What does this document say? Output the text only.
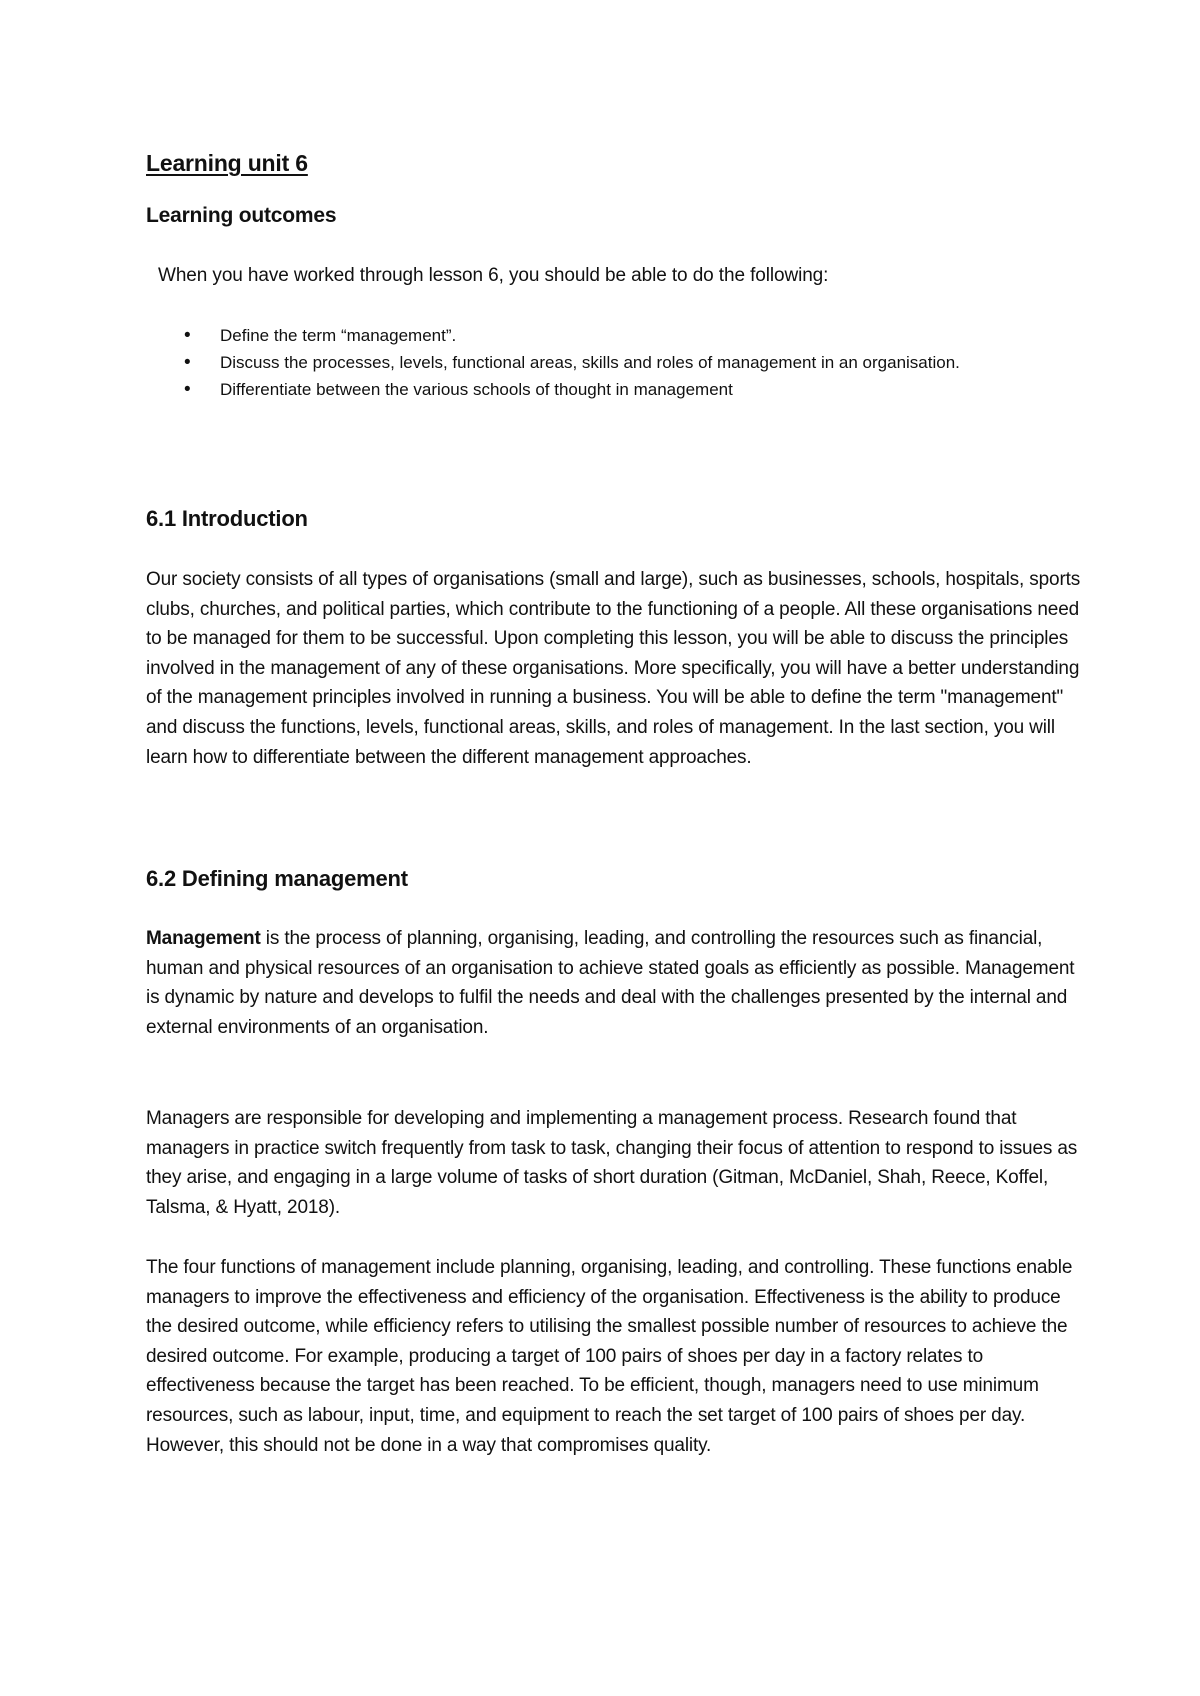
Learning unit 6
Learning outcomes

When you have worked through lesson 6, you should be able to do the following:

• Define the term “management”.
• Discuss the processes, levels, functional areas, skills and roles of management in an organisation.
• Differentiate between the various schools of thought in management
6.1 Introduction

Our society consists of all types of organisations (small and large), such as businesses, schools, hospitals, sports clubs, churches, and political parties, which contribute to the functioning of a people. All these organisations need to be managed for them to be successful. Upon completing this lesson, you will be able to discuss the principles involved in the management of any of these organisations. More specifically, you will have a better understanding of the management principles involved in running a business. You will be able to define the term "management" and discuss the functions, levels, functional areas, skills, and roles of management. In the last section, you will learn how to differentiate between the different management approaches.

6.2 Defining management

Management is the process of planning, organising, leading, and controlling the resources such as financial, human and physical resources of an organisation to achieve stated goals as efficiently as possible. Management is dynamic by nature and develops to fulfil the needs and deal with the challenges presented by the internal and external environments of an organisation.

Managers are responsible for developing and implementing a management process. Research found that managers in practice switch frequently from task to task, changing their focus of attention to respond to issues as they arise, and engaging in a large volume of tasks of short duration (Gitman, McDaniel, Shah, Reece, Koffel, Talsma, & Hyatt, 2018).

The four functions of management include planning, organising, leading, and controlling. These functions enable managers to improve the effectiveness and efficiency of the organisation. Effectiveness is the ability to produce the desired outcome, while efficiency refers to utilising the smallest possible number of resources to achieve the desired outcome. For example, producing a target of 100 pairs of shoes per day in a factory relates to effectiveness because the target has been reached. To be efficient, though, managers need to use minimum resources, such as labour, input, time, and equipment to reach the set target of 100 pairs of shoes per day. However, this should not be done in a way that compromises quality.
